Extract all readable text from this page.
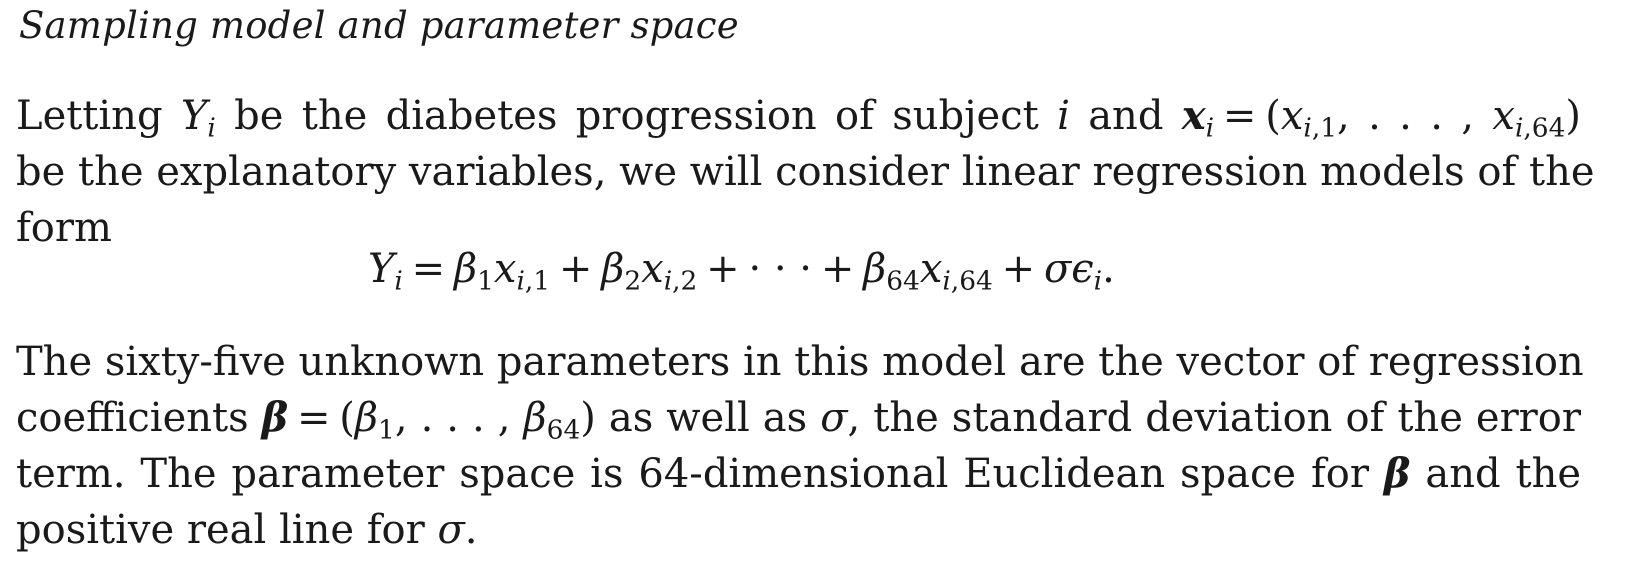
Sampling model and parameter space
Letting $Y_i$ be the diabetes progression of subject i and $x_i = (x_{i,1}$, . . . , $x_{i,64}$)
be the explanatory variables, we will consider linear regression models of the
form
$Y_i = \beta_1x_{i,1} + \beta_2x_{i,2}$ + · · · + $\beta_{64}x_{i,64} + \sigma\epsilon_i$.
The sixty-five unknown parameters in this model are the vector of regression
coefficients $\beta = (\beta_1$, . . . , $\beta_{64}$) as well as σ, the standard deviation of the error
term. The parameter space is 64-dimensional Euclidean space for β and the
positive real line for σ.
